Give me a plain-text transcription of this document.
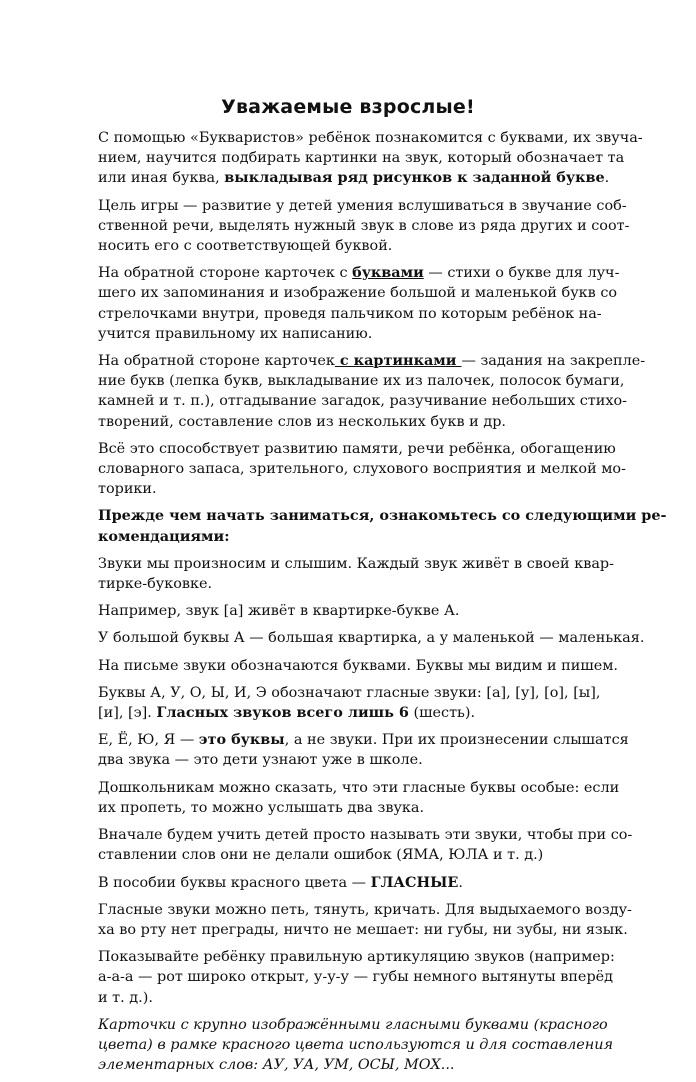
Уважаемые взрослые!
С помощью «Букваристов» ребёнок познакомится с буквами, их звуча-
нием, научится подбирать картинки на звук, который обозначает та
или иная буква, выкладывая ряд рисунков к заданной букве.
Цель игры — развитие у детей умения вслушиваться в звучание соб-
ственной речи, выделять нужный звук в слове из ряда других и соот-
носить его с соответствующей буквой.
На обратной стороне карточек с буквами — стихи о букве для луч-
шего их запоминания и изображение большой и маленькой букв со
стрелочками внутри, проведя пальчиком по которым ребёнок на-
учится правильному их написанию.
На обратной стороне карточек с картинками — задания на закрепле-
ние букв (лепка букв, выкладывание их из палочек, полосок бумаги,
камней и т. п.), отгадывание загадок, разучивание небольших стихо-
творений, составление слов из нескольких букв и др.
Всё это способствует развитию памяти, речи ребёнка, обогащению
словарного запаса, зрительного, слухового восприятия и мелкой мо-
торики.
Прежде чем начать заниматься, ознакомьтесь со следующими ре-
комендациями:
Звуки мы произносим и слышим. Каждый звук живёт в своей квар-
тирке-буковке.
Например, звук [а] живёт в квартирке-букве А.
У большой буквы А — большая квартирка, а у маленькой — маленькая.
На письме звуки обозначаются буквами. Буквы мы видим и пишем.
Буквы А, У, О, Ы, И, Э обозначают гласные звуки: [а], [у], [о], [ы],
[и], [э]. Гласных звуков всего лишь 6 (шесть).
Е, Ё, Ю, Я — это буквы, а не звуки. При их произнесении слышатся
два звука — это дети узнают уже в школе.
Дошкольникам можно сказать, что эти гласные буквы особые: если
их пропеть, то можно услышать два звука.
Вначале будем учить детей просто называть эти звуки, чтобы при со-
ставлении слов они не делали ошибок (ЯМА, ЮЛА и т. д.)
В пособии буквы красного цвета — ГЛАСНЫЕ.
Гласные звуки можно петь, тянуть, кричать. Для выдыхаемого возду-
ха во рту нет преграды, ничто не мешает: ни губы, ни зубы, ни язык.
Показывайте ребёнку правильную артикуляцию звуков (например:
а-а-а — рот широко открыт, у-у-у — губы немного вытянуты вперёд
и т. д.).
Карточки с крупно изображёнными гласными буквами (красного
цвета) в рамке красного цвета используются и для составления
элементарных слов: АУ, УА, УМ, ОСЫ, МОХ...
